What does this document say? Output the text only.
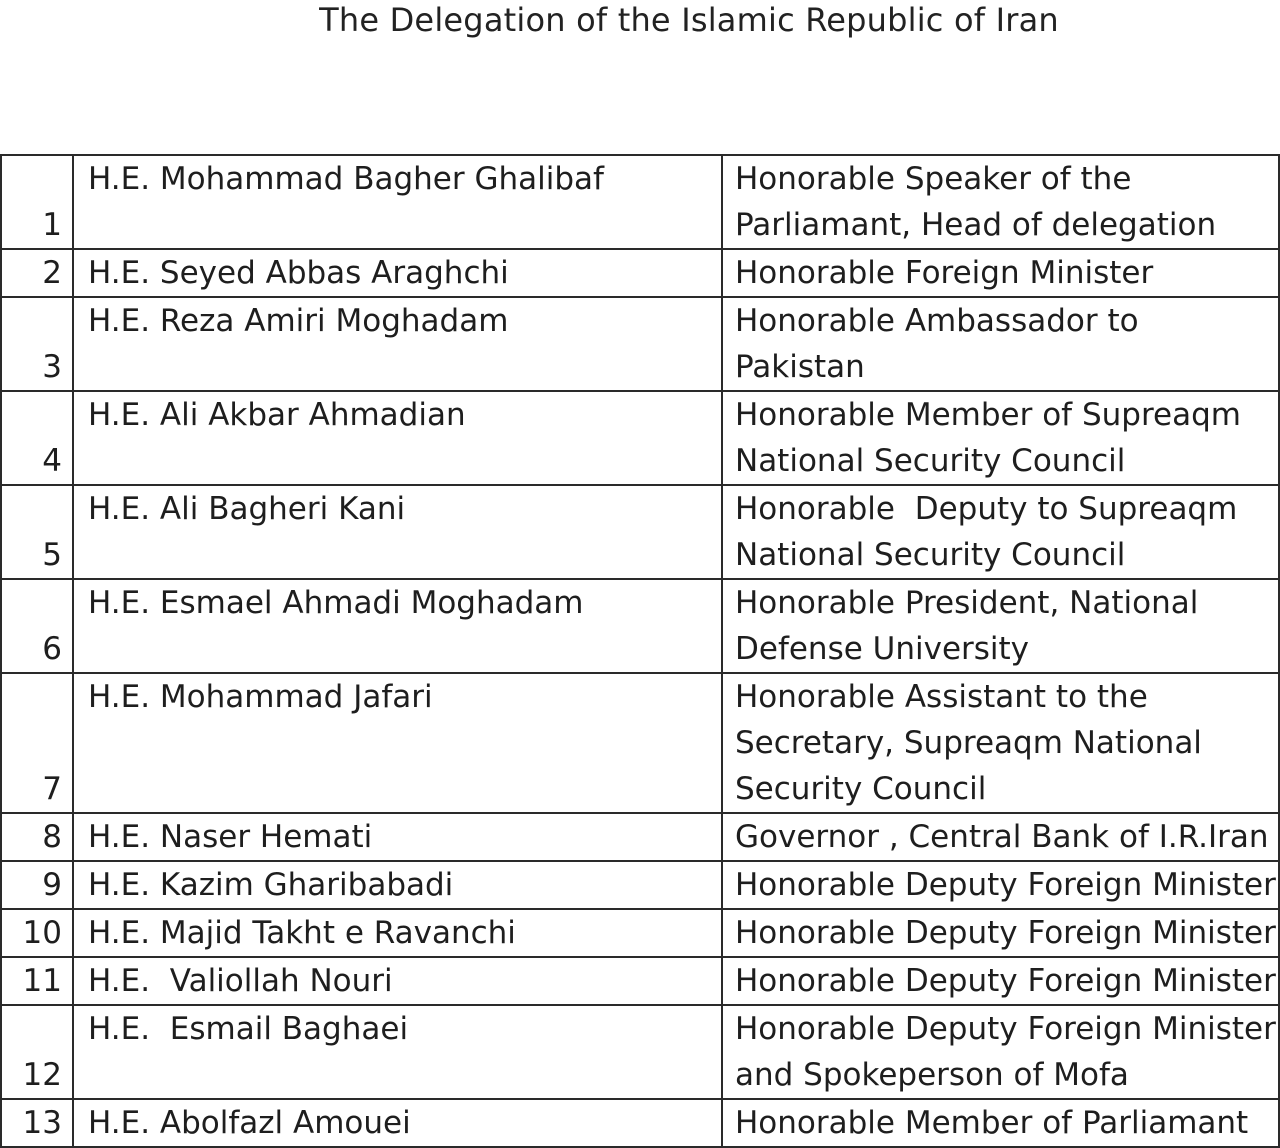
The Delegation of the Islamic Republic of Iran
1	H.E. Mohammad Bagher Ghalibaf	Honorable Speaker of the
Parliamant, Head of delegation
2	H.E. Seyed Abbas Araghchi	Honorable Foreign Minister
3	H.E. Reza Amiri Moghadam	Honorable Ambassador to Pakistan
4	H.E. Ali Akbar Ahmadian	Honorable Member of Supreaqm
National Security Council
5	H.E. Ali Bagheri Kani	Honorable  Deputy to Supreaqm
National Security Council
6	H.E. Esmael Ahmadi Moghadam	Honorable President, National
Defense University
7	H.E. Mohammad Jafari	Honorable Assistant to the
Secretary, Supreaqm National
Security Council
8	H.E. Naser Hemati	Governor , Central Bank of I.R.Iran
9	H.E. Kazim Gharibabadi	Honorable Deputy Foreign Minister
10	H.E. Majid Takht e Ravanchi	Honorable Deputy Foreign Minister
11	H.E.  Valiollah Nouri	Honorable Deputy Foreign Minister
12	H.E.  Esmail Baghaei	Honorable Deputy Foreign Minister
and Spokeperson of Mofa
13	H.E. Abolfazl Amouei	Honorable Member of Parliamant
